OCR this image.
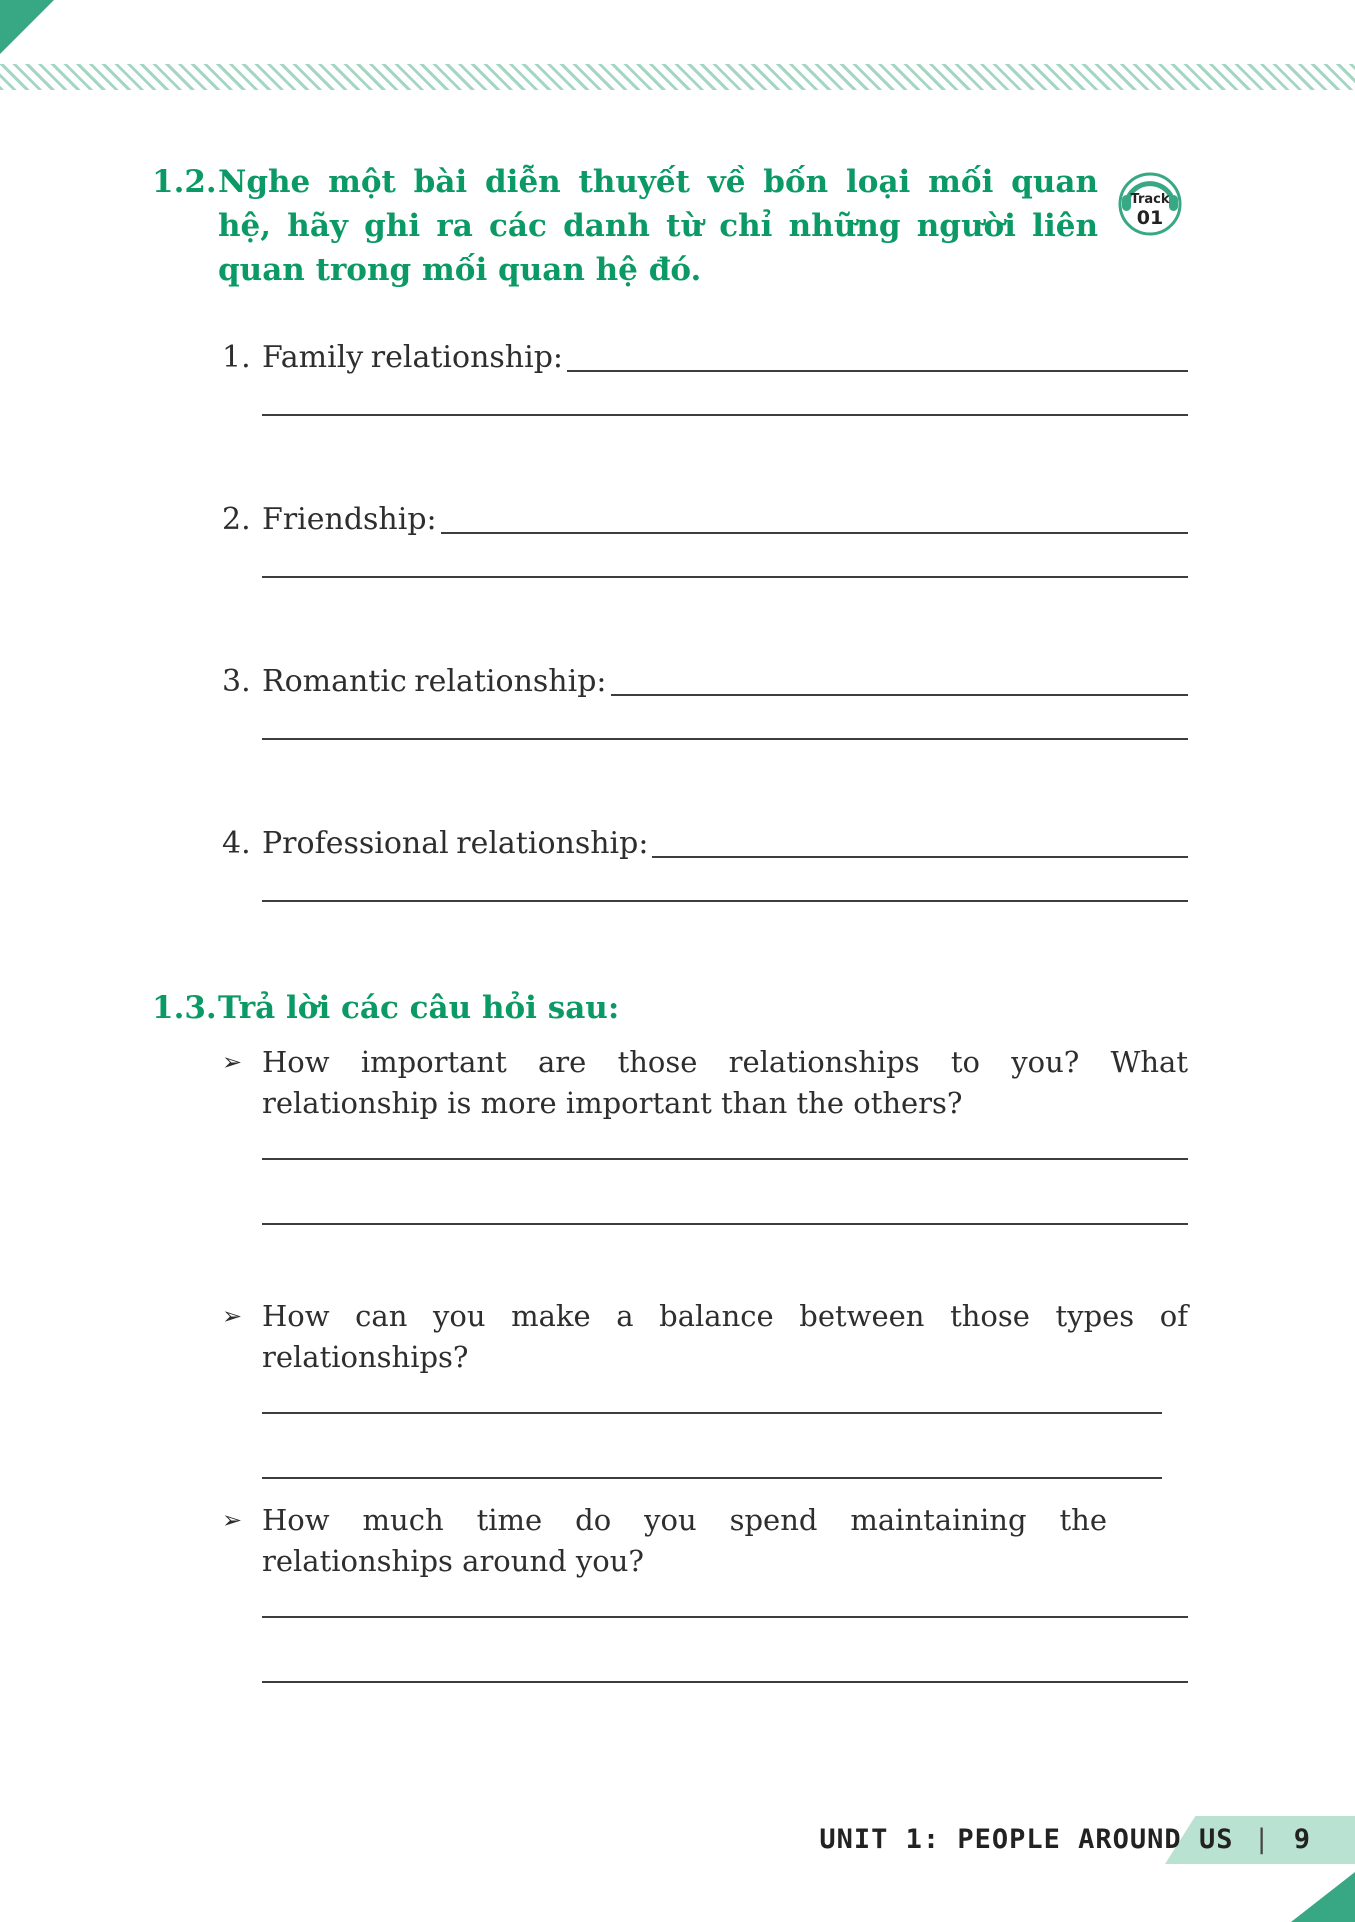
1.2. Nghe một bài diễn thuyết về bốn loại mối quan hệ, hãy ghi ra các danh từ chỉ những người liên quan trong mối quan hệ đó.

Track
01
1. Family relationship:
2. Friendship:
3. Romantic relationship:
4. Professional relationship:
1.3. Trả lời các câu hỏi sau:
➢ How important are those relationships to you? What relationship is more important than the others?

➢ How can you make a balance between those types of relationships?

➢ How much time do you spend maintaining the relationships around you?

UNIT 1: PEOPLE AROUND US | 9
